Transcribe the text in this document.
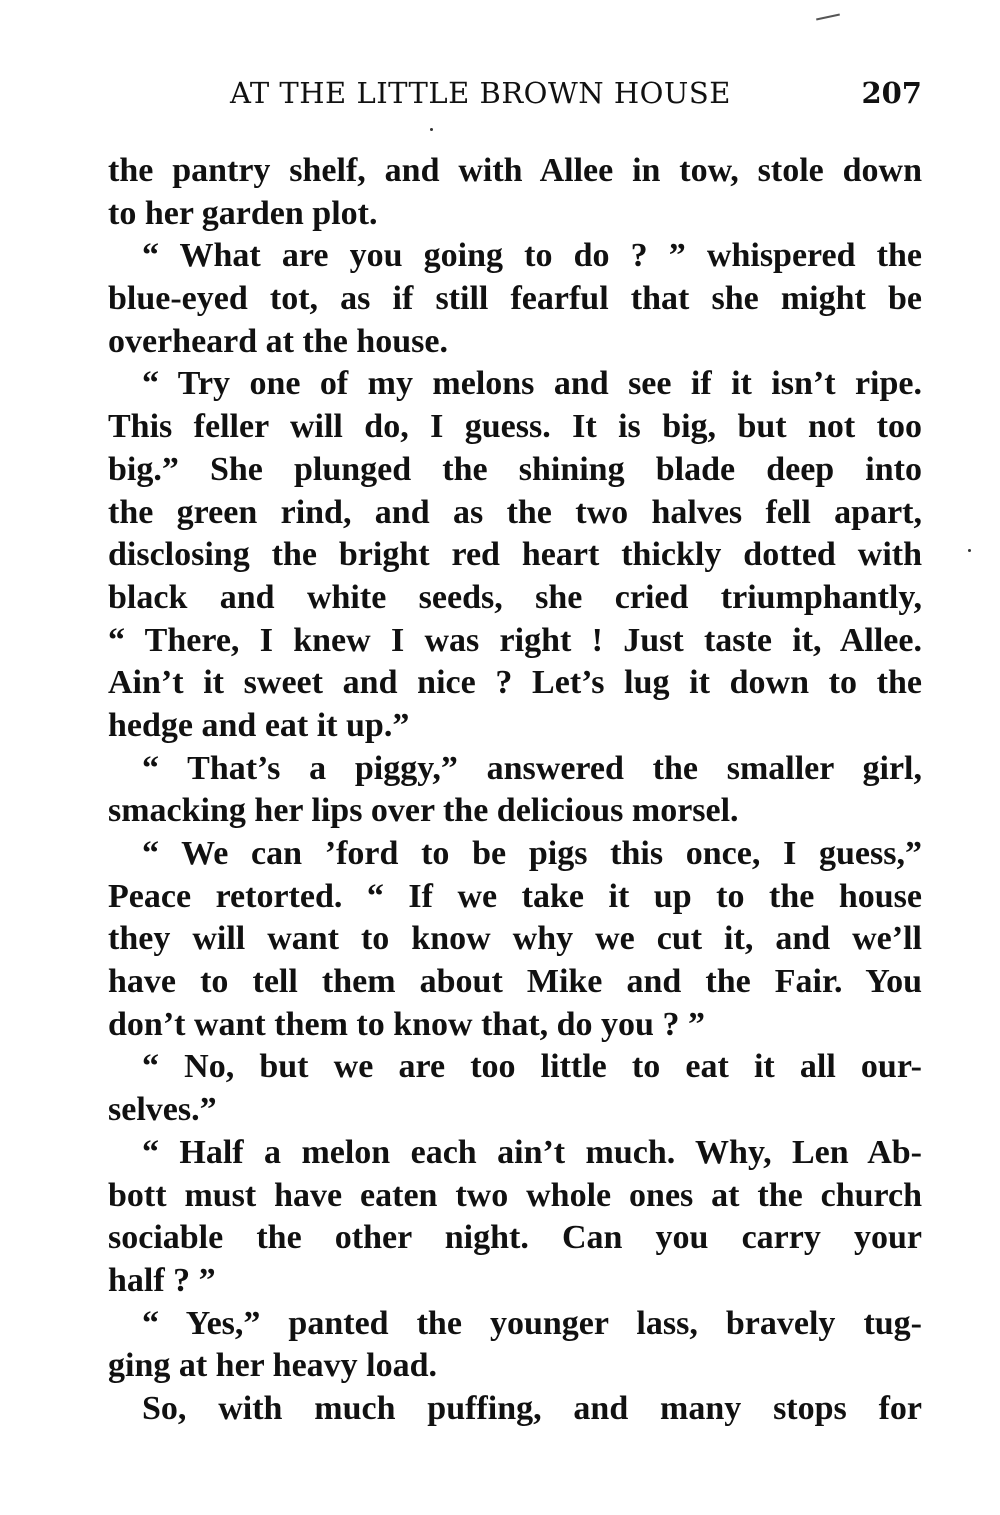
AT THE LITTLE BROWN HOUSE	207
the pantry shelf, and with Allee in tow, stole down
to her garden plot.
“ What are you going to do ? ” whispered the
blue-eyed tot, as if still fearful that she might be
overheard at the house.
“ Try one of my melons and see if it isn’t ripe.
This feller will do, I guess. It is big, but not too
big.” She plunged the shining blade deep into
the green rind, and as the two halves fell apart,
disclosing the bright red heart thickly dotted with
black and white seeds, she cried triumphantly,
“ There, I knew I was right ! Just taste it, Allee.
Ain’t it sweet and nice ? Let’s lug it down to the
hedge and eat it up.”
“ That’s a piggy,” answered the smaller girl,
smacking her lips over the delicious morsel.
“ We can ’ford to be pigs this once, I guess,”
Peace retorted. “ If we take it up to the house
they will want to know why we cut it, and we’ll
have to tell them about Mike and the Fair. You
don’t want them to know that, do you ? ”
“ No, but we are too little to eat it all our-
selves.”
“ Half a melon each ain’t much. Why, Len Ab-
bott must have eaten two whole ones at the church
sociable the other night. Can you carry your
half ? ”
“ Yes,” panted the younger lass, bravely tug-
ging at her heavy load.
So, with much puffing, and many stops for
